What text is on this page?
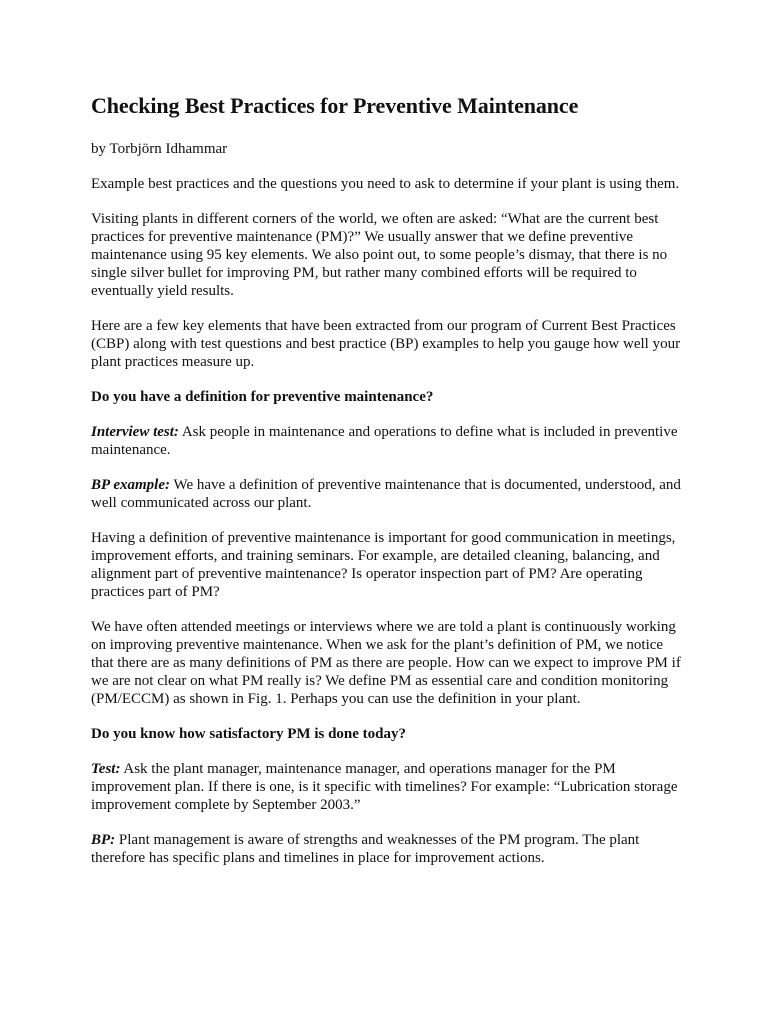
Checking Best Practices for Preventive Maintenance

by Torbjörn Idhammar

Example best practices and the questions you need to ask to determine if your plant is using them.

Visiting plants in different corners of the world, we often are asked: “What are the current best practices for preventive maintenance (PM)?” We usually answer that we define preventive maintenance using 95 key elements. We also point out, to some people’s dismay, that there is no single silver bullet for improving PM, but rather many combined efforts will be required to eventually yield results.

Here are a few key elements that have been extracted from our program of Current Best Practices (CBP) along with test questions and best practice (BP) examples to help you gauge how well your plant practices measure up.

Do you have a definition for preventive maintenance?

Interview test: Ask people in maintenance and operations to define what is included in preventive maintenance.

BP example: We have a definition of preventive maintenance that is documented, understood, and well communicated across our plant.

Having a definition of preventive maintenance is important for good communication in meetings, improvement efforts, and training seminars. For example, are detailed cleaning, balancing, and alignment part of preventive maintenance? Is operator inspection part of PM? Are operating practices part of PM?

We have often attended meetings or interviews where we are told a plant is continuously working on improving preventive maintenance. When we ask for the plant’s definition of PM, we notice that there are as many definitions of PM as there are people. How can we expect to improve PM if we are not clear on what PM really is? We define PM as essential care and condition monitoring (PM/ECCM) as shown in Fig. 1. Perhaps you can use the definition in your plant.

Do you know how satisfactory PM is done today?

Test: Ask the plant manager, maintenance manager, and operations manager for the PM improvement plan. If there is one, is it specific with timelines? For example: “Lubrication storage improvement complete by September 2003.”

BP: Plant management is aware of strengths and weaknesses of the PM program. The plant therefore has specific plans and timelines in place for improvement actions.
